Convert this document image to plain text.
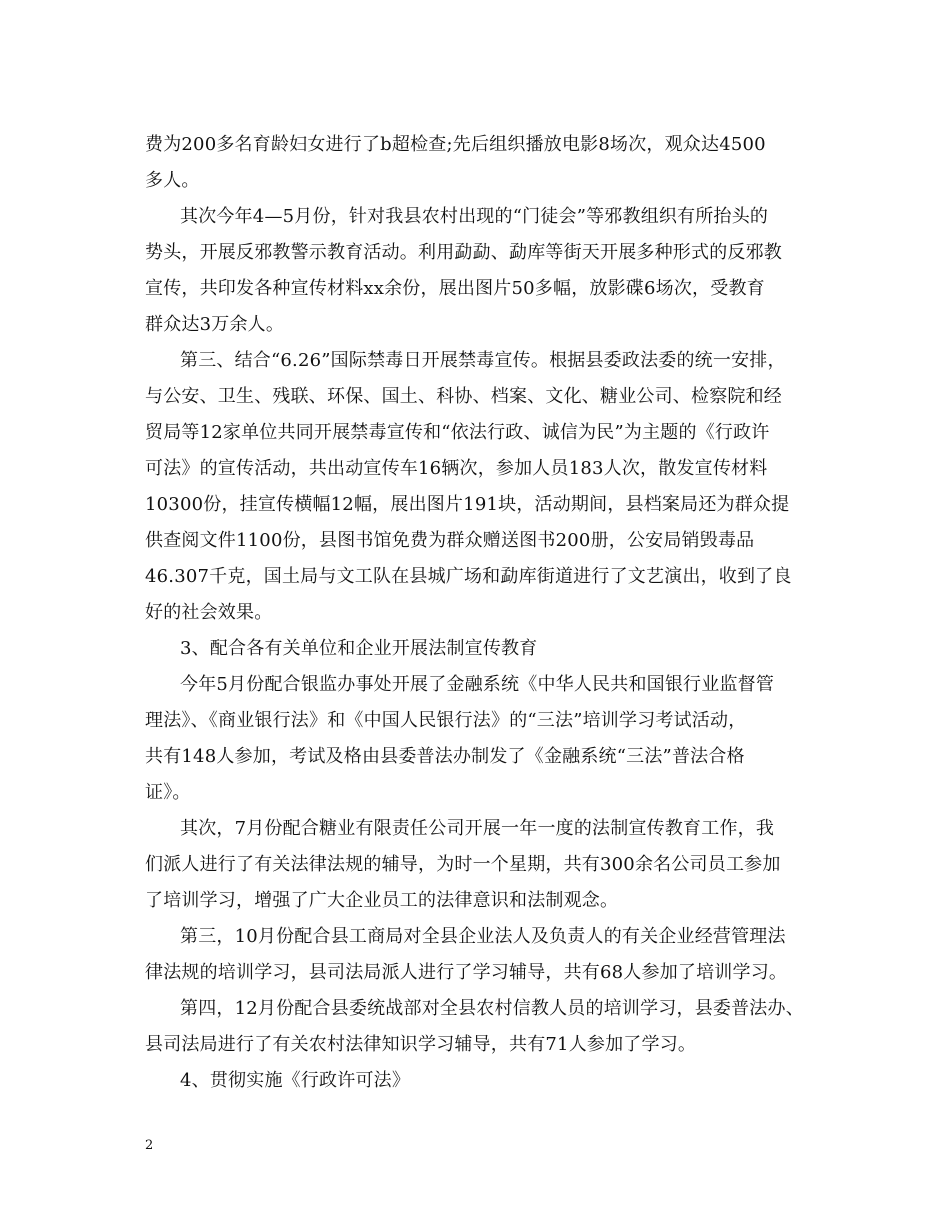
费为200多名育龄妇女进行了b超检查;先后组织播放电影8场次，观众达4500
多人。
其次今年4—5月份，针对我县农村出现的“门徒会”等邪教组织有所抬头的
势头，开展反邪教警示教育活动。利用勐勐、勐库等街天开展多种形式的反邪教
宣传，共印发各种宣传材料xx余份，展出图片50多幅，放影碟6场次，受教育
群众达3万余人。
第三、结合“6.26”国际禁毒日开展禁毒宣传。根据县委政法委的统一安排，
与公安、卫生、残联、环保、国土、科协、档案、文化、糖业公司、检察院和经
贸局等12家单位共同开展禁毒宣传和“依法行政、诚信为民”为主题的《行政许
可法》的宣传活动，共出动宣传车16辆次，参加人员183人次，散发宣传材料
10300份，挂宣传横幅12幅，展出图片191块，活动期间，县档案局还为群众提
供查阅文件1100份，县图书馆免费为群众赠送图书200册，公安局销毁毒品
46.307千克，国土局与文工队在县城广场和勐库街道进行了文艺演出，收到了良
好的社会效果。
3、配合各有关单位和企业开展法制宣传教育
今年5月份配合银监办事处开展了金融系统《中华人民共和国银行业监督管
理法》、《商业银行法》和《中国人民银行法》的“三法”培训学习考试活动，
共有148人参加，考试及格由县委普法办制发了《金融系统“三法”普法合格
证》。
其次，7月份配合糖业有限责任公司开展一年一度的法制宣传教育工作，我
们派人进行了有关法律法规的辅导，为时一个星期，共有300余名公司员工参加
了培训学习，增强了广大企业员工的法律意识和法制观念。
第三，10月份配合县工商局对全县企业法人及负责人的有关企业经营管理法
律法规的培训学习，县司法局派人进行了学习辅导，共有68人参加了培训学习。
第四，12月份配合县委统战部对全县农村信教人员的培训学习，县委普法办、
县司法局进行了有关农村法律知识学习辅导，共有71人参加了学习。
4、贯彻实施《行政许可法》
2
